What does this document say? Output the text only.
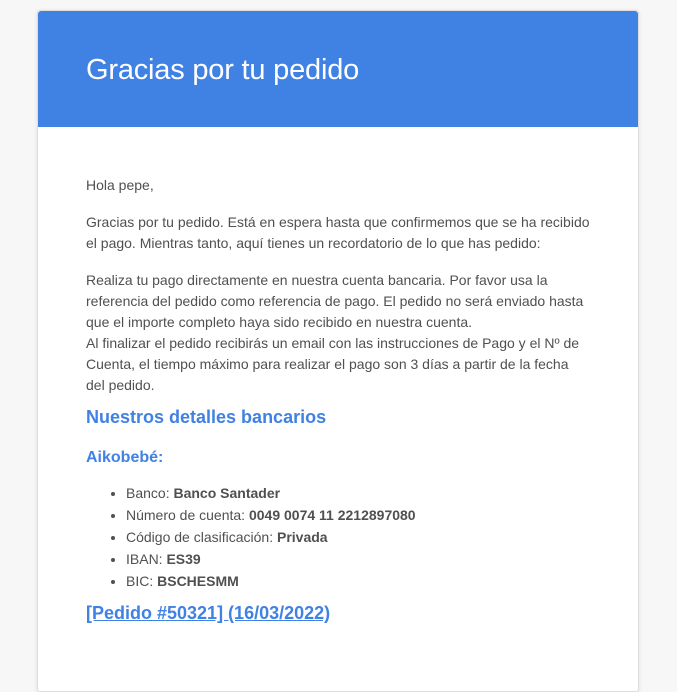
Gracias por tu pedido

Hola pepe,

Gracias por tu pedido. Está en espera hasta que confirmemos que se ha recibido el pago. Mientras tanto, aquí tienes un recordatorio de lo que has pedido:

Realiza tu pago directamente en nuestra cuenta bancaria. Por favor usa la referencia del pedido como referencia de pago. El pedido no será enviado hasta que el importe completo haya sido recibido en nuestra cuenta.
Al finalizar el pedido recibirás un email con las instrucciones de Pago y el Nº de Cuenta, el tiempo máximo para realizar el pago son 3 días a partir de la fecha del pedido.

Nuestros detalles bancarios
Aikobebé:
• Banco: Banco Santader
• Número de cuenta: 0049 0074 11 2212897080
• Código de clasificación: Privada
• IBAN: ES39
• BIC: BSCHESMM
[Pedido #50321] (16/03/2022)
